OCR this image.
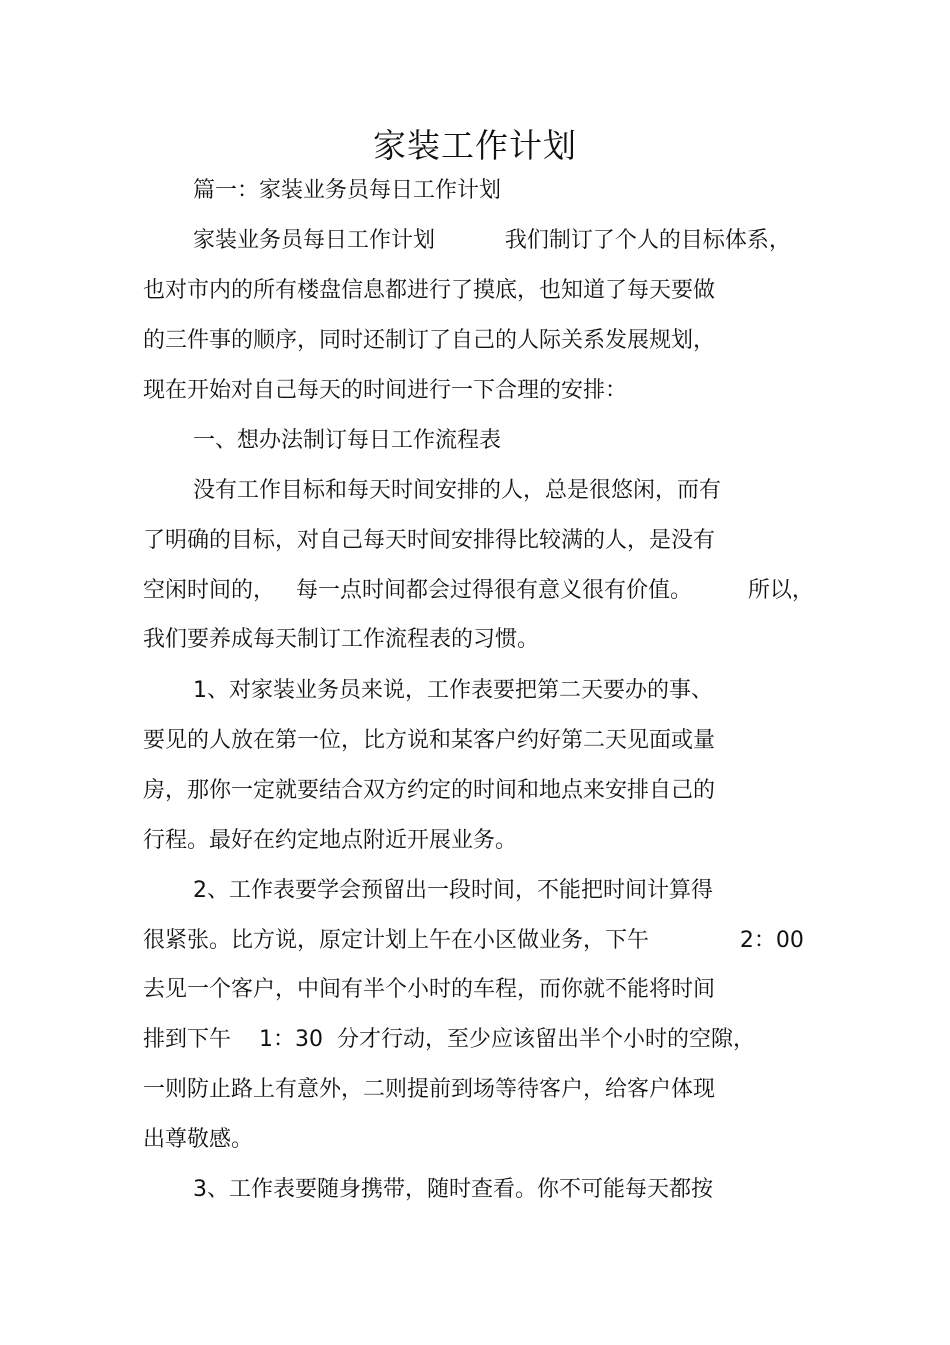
家装工作计划
篇一：家装业务员每日工作计划
家装业务员每日工作计划          我们制订了个人的目标体系，
也对市内的所有楼盘信息都进行了摸底，也知道了每天要做
的三件事的顺序，同时还制订了自己的人际关系发展规划，
现在开始对自己每天的时间进行一下合理的安排：
一、想办法制订每日工作流程表
没有工作目标和每天时间安排的人，总是很悠闲，而有
了明确的目标，对自己每天时间安排得比较满的人，是没有
空闲时间的，   每一点时间都会过得很有意义很有价值。        所以，
我们要养成每天制订工作流程表的习惯。
1、对家装业务员来说，工作表要把第二天要办的事、
要见的人放在第一位，比方说和某客户约好第二天见面或量
房，那你一定就要结合双方约定的时间和地点来安排自己的
行程。最好在约定地点附近开展业务。
2、工作表要学会预留出一段时间，不能把时间计算得
很紧张。比方说，原定计划上午在小区做业务，下午             2：00
去见一个客户，中间有半个小时的车程，而你就不能将时间
排到下午    1：30  分才行动，至少应该留出半个小时的空隙，
一则防止路上有意外，二则提前到场等待客户，给客户体现
出尊敬感。
3、工作表要随身携带，随时查看。你不可能每天都按
